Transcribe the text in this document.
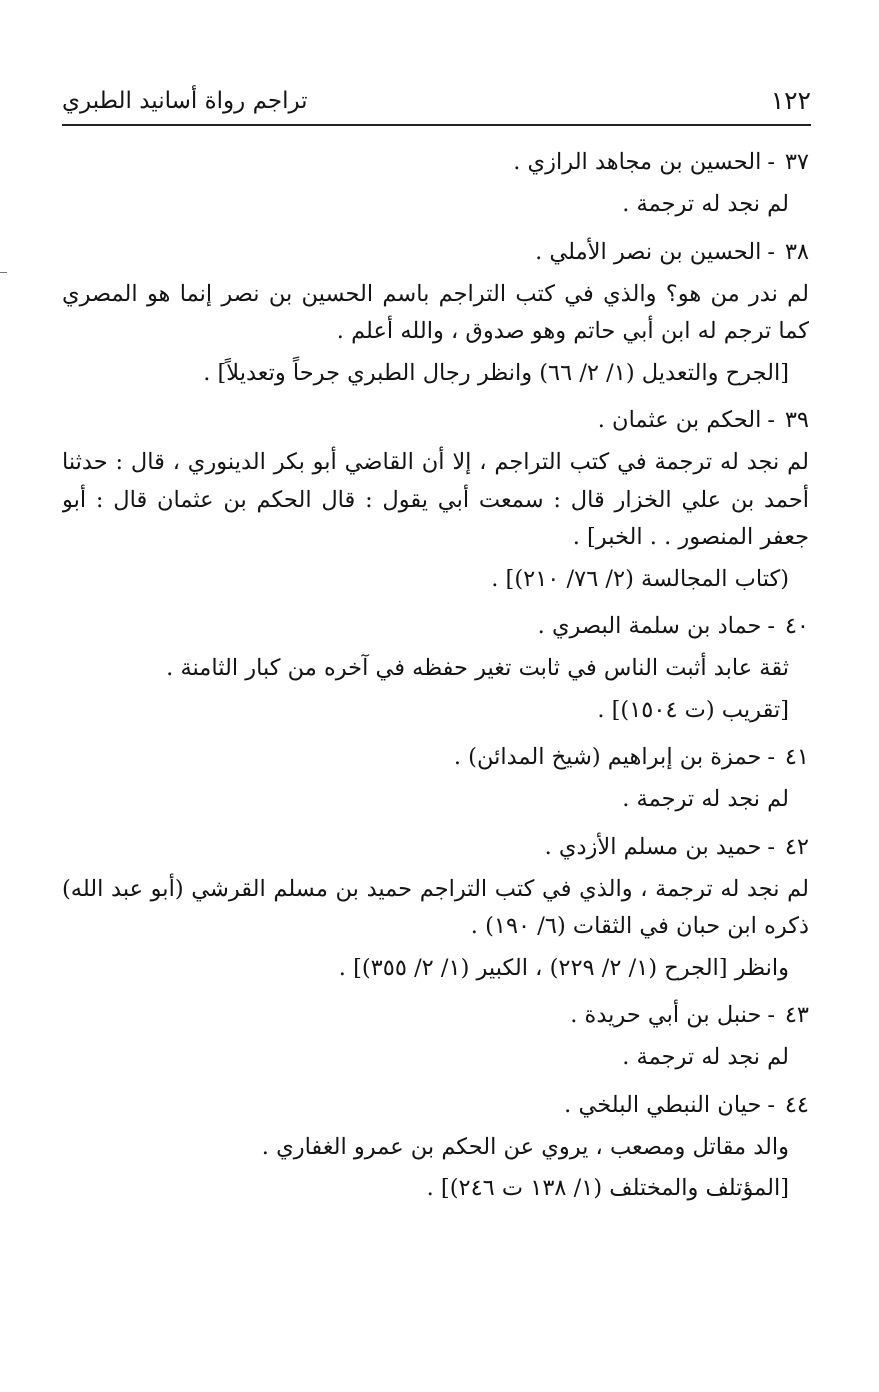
١٢٢
تراجم رواة أسانيد الطبري
٣٧-الحسين بن مجاهد الرازي .
لم نجد له ترجمة .
٣٨-الحسين بن نصر الأملي .
لم ندر من هو؟ والذي في كتب التراجم باسم الحسين بن نصر إنما هو المصري كما ترجم له ابن أبي حاتم وهو صدوق ، والله أعلم .
[الجرح والتعديل (١/ ٢/ ٦٦) وانظر رجال الطبري جرحاً وتعديلاً] .
٣٩-الحكم بن عثمان .
لم نجد له ترجمة في كتب التراجم ، إلا أن القاضي أبو بكر الدينوري ، قال : حدثنا أحمد بن علي الخزار قال : سمعت أبي يقول : قال الحكم بن عثمان قال : أبو جعفر المنصور . . الخبر] .
(كتاب المجالسة (٢/ ٧٦/ ٢١٠)] .
٤٠-حماد بن سلمة البصري .
ثقة عابد أثبت الناس في ثابت تغير حفظه في آخره من كبار الثامنة .
[تقريب (ت ١٥٠٤)] .
٤١-حمزة بن إبراهيم (شيخ المدائن) .
لم نجد له ترجمة .
٤٢-حميد بن مسلم الأزدي .
لم نجد له ترجمة ، والذي في كتب التراجم حميد بن مسلم القرشي (أبو عبد الله) ذكره ابن حبان في الثقات (٦/ ١٩٠) .
وانظر [الجرح (١/ ٢/ ٢٢٩) ، الكبير (١/ ٢/ ٣٥٥)] .
٤٣-حنبل بن أبي حريدة .
لم نجد له ترجمة .
٤٤-حيان النبطي البلخي .
والد مقاتل ومصعب ، يروي عن الحكم بن عمرو الغفاري .
[المؤتلف والمختلف (١/ ١٣٨ ت ٢٤٦)] .
